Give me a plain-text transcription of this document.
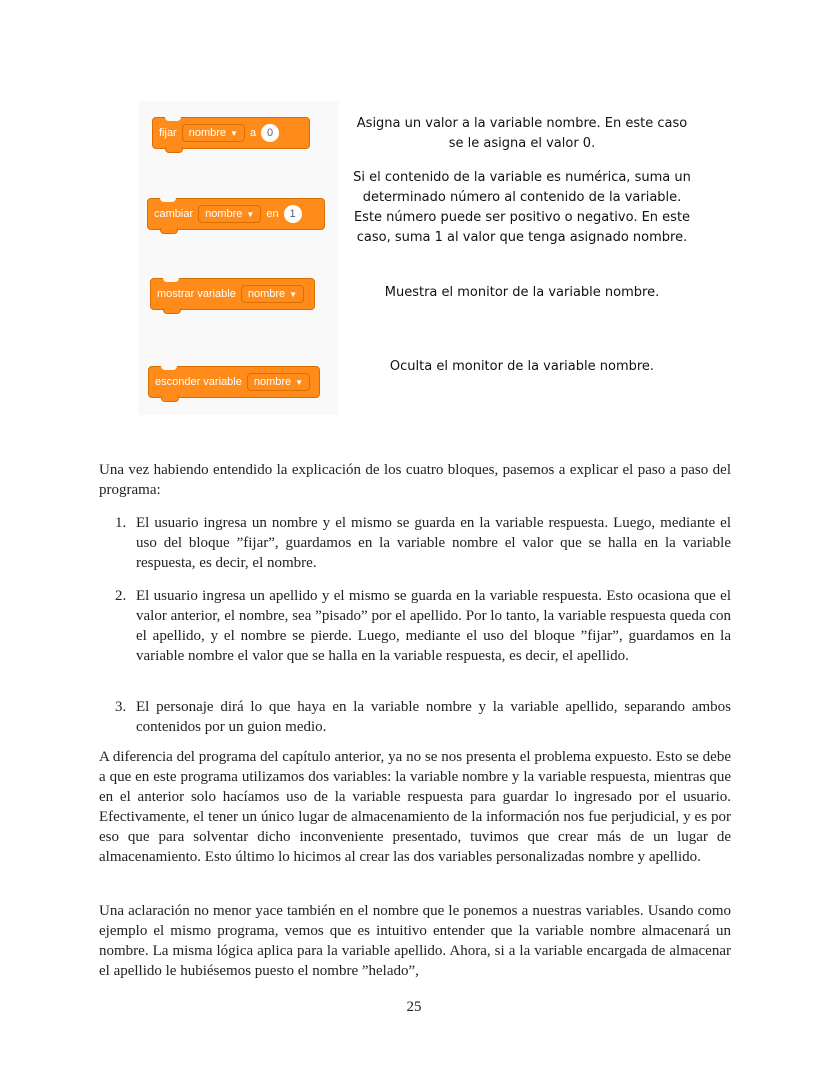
fijar nombre ▼ a 0
cambiar nombre ▼ en 1
mostrar variable nombre ▼
esconder variable nombre ▼

Asigna un valor a la variable nombre. En este caso se le asigna el valor 0.

Si el contenido de la variable es numérica, suma un determinado número al contenido de la variable. Este número puede ser positivo o negativo. En este caso, suma 1 al valor que tenga asignado nombre.

Muestra el monitor de la variable nombre.

Oculta el monitor de la variable nombre.

Una vez habiendo entendido la explicación de los cuatro bloques, pasemos a explicar el paso a paso del programa:

1. El usuario ingresa un nombre y el mismo se guarda en la variable respuesta. Luego, mediante el uso del bloque ”fijar”, guardamos en la variable nombre el valor que se halla en la variable respuesta, es decir, el nombre.
2. El usuario ingresa un apellido y el mismo se guarda en la variable respuesta. Esto ocasiona que el valor anterior, el nombre, sea ”pisado” por el apellido. Por lo tanto, la variable respuesta queda con el apellido, y el nombre se pierde. Luego, mediante el uso del bloque ”fijar”, guardamos en la variable nombre el valor que se halla en la variable respuesta, es decir, el apellido.
3. El personaje dirá lo que haya en la variable nombre y la variable apellido, separando ambos contenidos por un guion medio.

A diferencia del programa del capítulo anterior, ya no se nos presenta el problema expuesto. Esto se debe a que en este programa utilizamos dos variables: la variable nombre y la variable respuesta, mientras que en el anterior solo hacíamos uso de la variable respuesta para guardar lo ingresado por el usuario. Efectivamente, el tener un único lugar de almacenamiento de la información nos fue perjudicial, y es por eso que para solventar dicho inconveniente presentado, tuvimos que crear más de un lugar de almacenamiento. Esto último lo hicimos al crear las dos variables personalizadas nombre y apellido.

Una aclaración no menor yace también en el nombre que le ponemos a nuestras variables. Usando como ejemplo el mismo programa, vemos que es intuitivo entender que la variable nombre almacenará un nombre. La misma lógica aplica para la variable apellido. Ahora, si a la variable encargada de almacenar el apellido le hubiésemos puesto el nombre ”helado”,

25
